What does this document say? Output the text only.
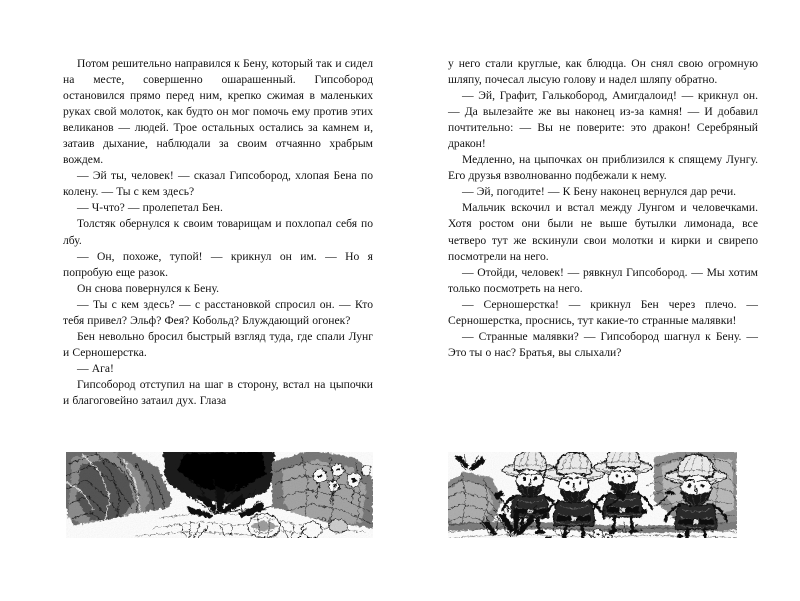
Потом решительно направился к Бену, который так и сидел на месте, совершенно ошарашенный. Гипсобород остановился прямо перед ним, крепко сжимая в маленьких руках свой молоток, как будто он мог помочь ему против этих великанов — людей. Трое остальных остались за камнем и, затаив дыхание, наблюдали за своим отчаянно храбрым вождем.

— Эй ты, человек! — сказал Гипсобород, хлопая Бена по колену. — Ты с кем здесь?

— Ч-что? — пролепетал Бен.

Толстяк обернулся к своим товарищам и похлопал себя по лбу.

— Он, похоже, тупой! — крикнул он им. — Но я попробую еще разок.

Он снова повернулся к Бену.

— Ты с кем здесь? — с расстановкой спросил он. — Кто тебя привел? Эльф? Фея? Кобольд? Блуждающий огонек?

Бен невольно бросил быстрый взгляд туда, где спали Лунг и Серношерстка.

— Ага!

Гипсобород отступил на шаг в сторону, встал на цыпочки и благоговейно затаил дух. Глаза

у него стали круглые, как блюдца. Он снял свою огромную шляпу, почесал лысую голову и надел шляпу обратно.

— Эй, Графит, Галькобород, Амигдалоид! — крикнул он. — Да вылезайте же вы наконец из-за камня! — И добавил почтительно: — Вы не поверите: это дракон! Серебряный дракон!

Медленно, на цыпочках он приблизился к спящему Лунгу. Его друзья взволнованно подбежали к нему.

— Эй, погодите! — К Бену наконец вернулся дар речи.

Мальчик вскочил и встал между Лунгом и человечками. Хотя ростом они были не выше бутылки лимонада, все четверо тут же вскинули свои молотки и кирки и свирепо посмотрели на него.

— Отойди, человек! — рявкнул Гипсобород. — Мы хотим только посмотреть на него.

— Серношерстка! — крикнул Бен через плечо. — Серношерстка, проснись, тут какие-то странные малявки!

— Странные малявки? — Гипсобород шагнул к Бену. — Это ты о нас? Братья, вы слыхали?
